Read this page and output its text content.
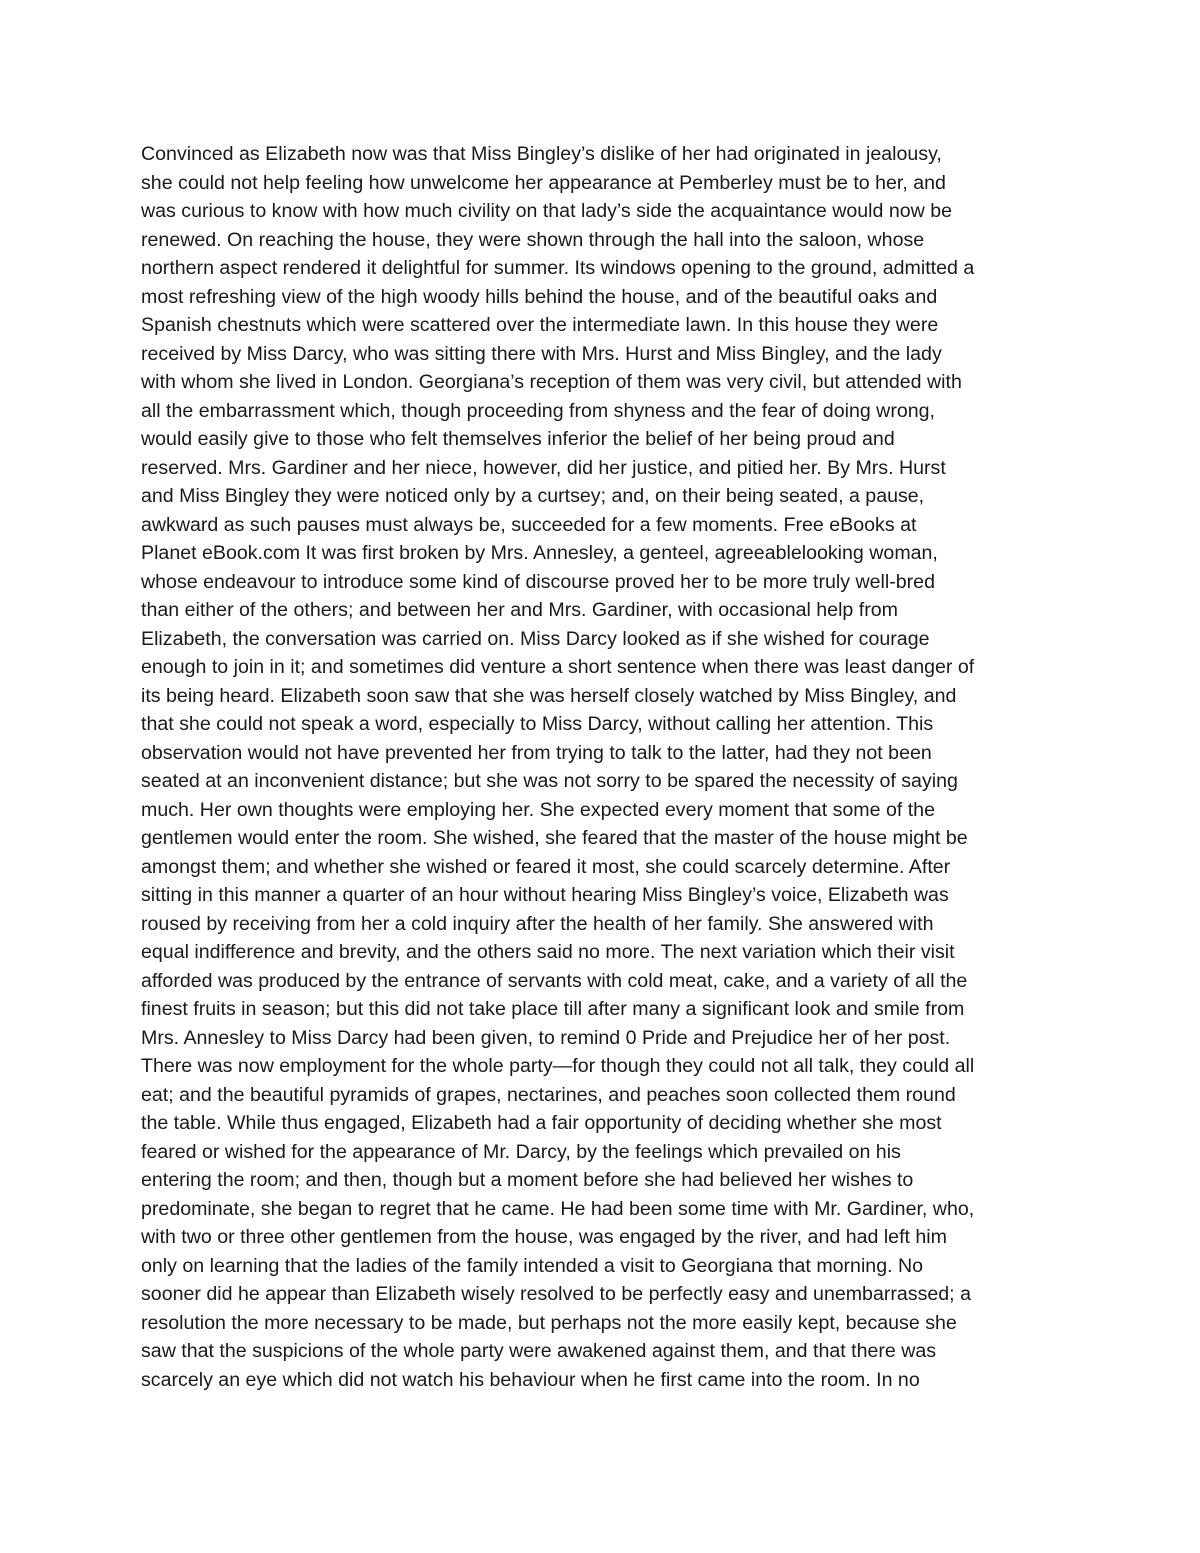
Convinced as Elizabeth now was that Miss Bingley’s dislike of her had originated in jealousy,
she could not help feeling how unwelcome her appearance at Pemberley must be to her, and
was curious to know with how much civility on that lady’s side the acquaintance would now be
renewed. On reaching the house, they were shown through the hall into the saloon, whose
northern aspect rendered it delightful for summer. Its windows opening to the ground, admitted a
most refreshing view of the high woody hills behind the house, and of the beautiful oaks and
Spanish chestnuts which were scattered over the intermediate lawn. In this house they were
received by Miss Darcy, who was sitting there with Mrs. Hurst and Miss Bingley, and the lady
with whom she lived in London. Georgiana’s reception of them was very civil, but attended with
all the embarrassment which, though proceeding from shyness and the fear of doing wrong,
would easily give to those who felt themselves inferior the belief of her being proud and
reserved. Mrs. Gardiner and her niece, however, did her justice, and pitied her. By Mrs. Hurst
and Miss Bingley they were noticed only by a curtsey; and, on their being seated, a pause,
awkward as such pauses must always be, succeeded for a few moments. Free eBooks at
Planet eBook.com It was first broken by Mrs. Annesley, a genteel, agreeablelooking woman,
whose endeavour to introduce some kind of discourse proved her to be more truly well-bred
than either of the others; and between her and Mrs. Gardiner, with occasional help from
Elizabeth, the conversation was carried on. Miss Darcy looked as if she wished for courage
enough to join in it; and sometimes did venture a short sentence when there was least danger of
its being heard. Elizabeth soon saw that she was herself closely watched by Miss Bingley, and
that she could not speak a word, especially to Miss Darcy, without calling her attention. This
observation would not have prevented her from trying to talk to the latter, had they not been
seated at an inconvenient distance; but she was not sorry to be spared the necessity of saying
much. Her own thoughts were employing her. She expected every moment that some of the
gentlemen would enter the room. She wished, she feared that the master of the house might be
amongst them; and whether she wished or feared it most, she could scarcely determine. After
sitting in this manner a quarter of an hour without hearing Miss Bingley’s voice, Elizabeth was
roused by receiving from her a cold inquiry after the health of her family. She answered with
equal indifference and brevity, and the others said no more. The next variation which their visit
afforded was produced by the entrance of servants with cold meat, cake, and a variety of all the
finest fruits in season; but this did not take place till after many a significant look and smile from
Mrs. Annesley to Miss Darcy had been given, to remind 0 Pride and Prejudice her of her post.
There was now employment for the whole party—for though they could not all talk, they could all
eat; and the beautiful pyramids of grapes, nectarines, and peaches soon collected them round
the table. While thus engaged, Elizabeth had a fair opportunity of deciding whether she most
feared or wished for the appearance of Mr. Darcy, by the feelings which prevailed on his
entering the room; and then, though but a moment before she had believed her wishes to
predominate, she began to regret that he came. He had been some time with Mr. Gardiner, who,
with two or three other gentlemen from the house, was engaged by the river, and had left him
only on learning that the ladies of the family intended a visit to Georgiana that morning. No
sooner did he appear than Elizabeth wisely resolved to be perfectly easy and unembarrassed; a
resolution the more necessary to be made, but perhaps not the more easily kept, because she
saw that the suspicions of the whole party were awakened against them, and that there was
scarcely an eye which did not watch his behaviour when he first came into the room. In no
